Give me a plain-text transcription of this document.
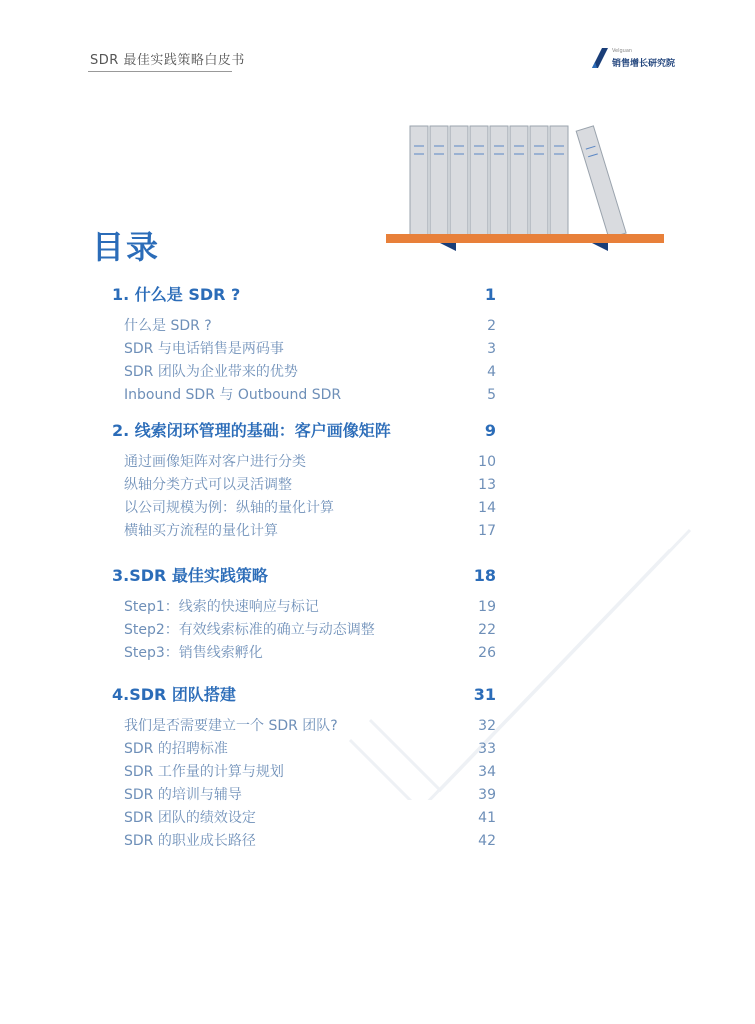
SDR 最佳实践策略白皮书
Velguan
销售增长研究院
目录
1. 什么是 SDR ?	1
什么是 SDR ?	2
SDR 与电话销售是两码事	3
SDR 团队为企业带来的优势	4
Inbound SDR 与 Outbound SDR	5
2. 线索闭环管理的基础：客户画像矩阵	9
通过画像矩阵对客户进行分类	10
纵轴分类方式可以灵活调整	13
以公司规模为例：纵轴的量化计算	14
横轴买方流程的量化计算	17
3.SDR 最佳实践策略	18
Step1：线索的快速响应与标记	19
Step2：有效线索标准的确立与动态调整	22
Step3：销售线索孵化	26
4.SDR 团队搭建	31
我们是否需要建立一个 SDR 团队?	32
SDR 的招聘标准	33
SDR 工作量的计算与规划	34
SDR 的培训与辅导	39
SDR 团队的绩效设定	41
SDR 的职业成长路径	42
